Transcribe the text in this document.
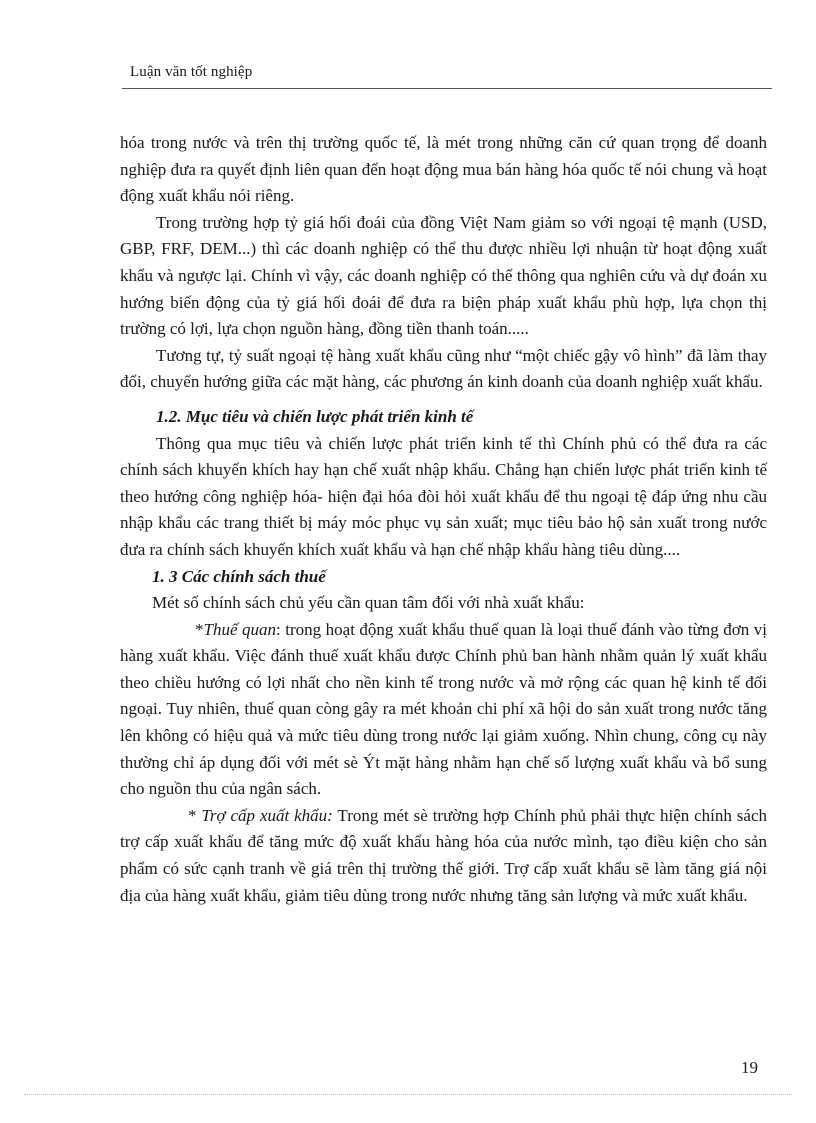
Luận văn tốt nghiệp

hóa trong nước và trên thị trường quốc tế, là mét trong những căn cứ quan trọng để doanh nghiệp đưa ra quyết định liên quan đến hoạt động mua bán hàng hóa quốc tế nói chung và hoạt động xuất khẩu nói riêng.

Trong trường hợp tỷ giá hối đoái của đồng Việt Nam giảm so với ngoại tệ mạnh (USD, GBP, FRF, DEM...) thì các doanh nghiệp có thể thu được nhiều lợi nhuận từ hoạt động xuất khẩu và ngược lại. Chính vì vậy, các doanh nghiệp có thể thông qua nghiên cứu và dự đoán xu hướng biến động của tỷ giá hối đoái để đưa ra biện pháp xuất khẩu phù hợp, lựa chọn thị trường có lợi, lựa chọn nguồn hàng, đồng tiền thanh toán.....

Tương tự, tỷ suất ngoại tệ hàng xuất khẩu cũng như “một chiếc gậy vô hình” đã làm thay đổi, chuyển hướng giữa các mặt hàng, các phương án kinh doanh của doanh nghiệp xuất khẩu.

1.2. Mục tiêu và chiến lược phát triển kinh tế

Thông qua mục tiêu và chiến lược phát triển kinh tế thì Chính phủ có thể đưa ra các chính sách khuyến khích hay hạn chế xuất nhập khẩu. Chẳng hạn chiến lược phát triển kinh tế theo hướng công nghiệp hóa- hiện đại hóa đòi hỏi xuất khẩu để thu ngoại tệ đáp ứng nhu cầu nhập khẩu các trang thiết bị máy móc phục vụ sản xuất; mục tiêu bảo hộ sản xuất trong nước đưa ra chính sách khuyến khích xuất khẩu và hạn chế nhập khẩu hàng tiêu dùng....

1. 3 Các chính sách thuế

Mét số chính sách chủ yếu cần quan tâm đối với nhà xuất khẩu:

*Thuế quan: trong hoạt động xuất khẩu thuế quan là loại thuế đánh vào từng đơn vị hàng xuất khẩu. Việc đánh thuế xuất khẩu được Chính phủ ban hành nhằm quản lý xuất khẩu theo chiều hướng có lợi nhất cho nền kinh tế trong nước và mở rộng các quan hệ kinh tế đối ngoại. Tuy nhiên, thuế quan còng gây ra mét khoản chi phí xã hội do sản xuất trong nước tăng lên không có hiệu quả và mức tiêu dùng trong nước lại giảm xuống. Nhìn chung, công cụ này thường chỉ áp dụng đối với mét sè Ýt mặt hàng nhằm hạn chế số lượng xuất khẩu và bổ sung cho nguồn thu của ngân sách.

* Trợ cấp xuất khẩu: Trong mét sè trường hợp Chính phủ phải thực hiện chính sách trợ cấp xuất khẩu để tăng mức độ xuất khẩu hàng hóa của nước mình, tạo điều kiện cho sản phẩm có sức cạnh tranh về giá trên thị trường thế giới. Trợ cấp xuất khẩu sẽ làm tăng giá nội địa của hàng xuất khẩu, giảm tiêu dùng trong nước nhưng tăng sản lượng và mức xuất khẩu.

19
